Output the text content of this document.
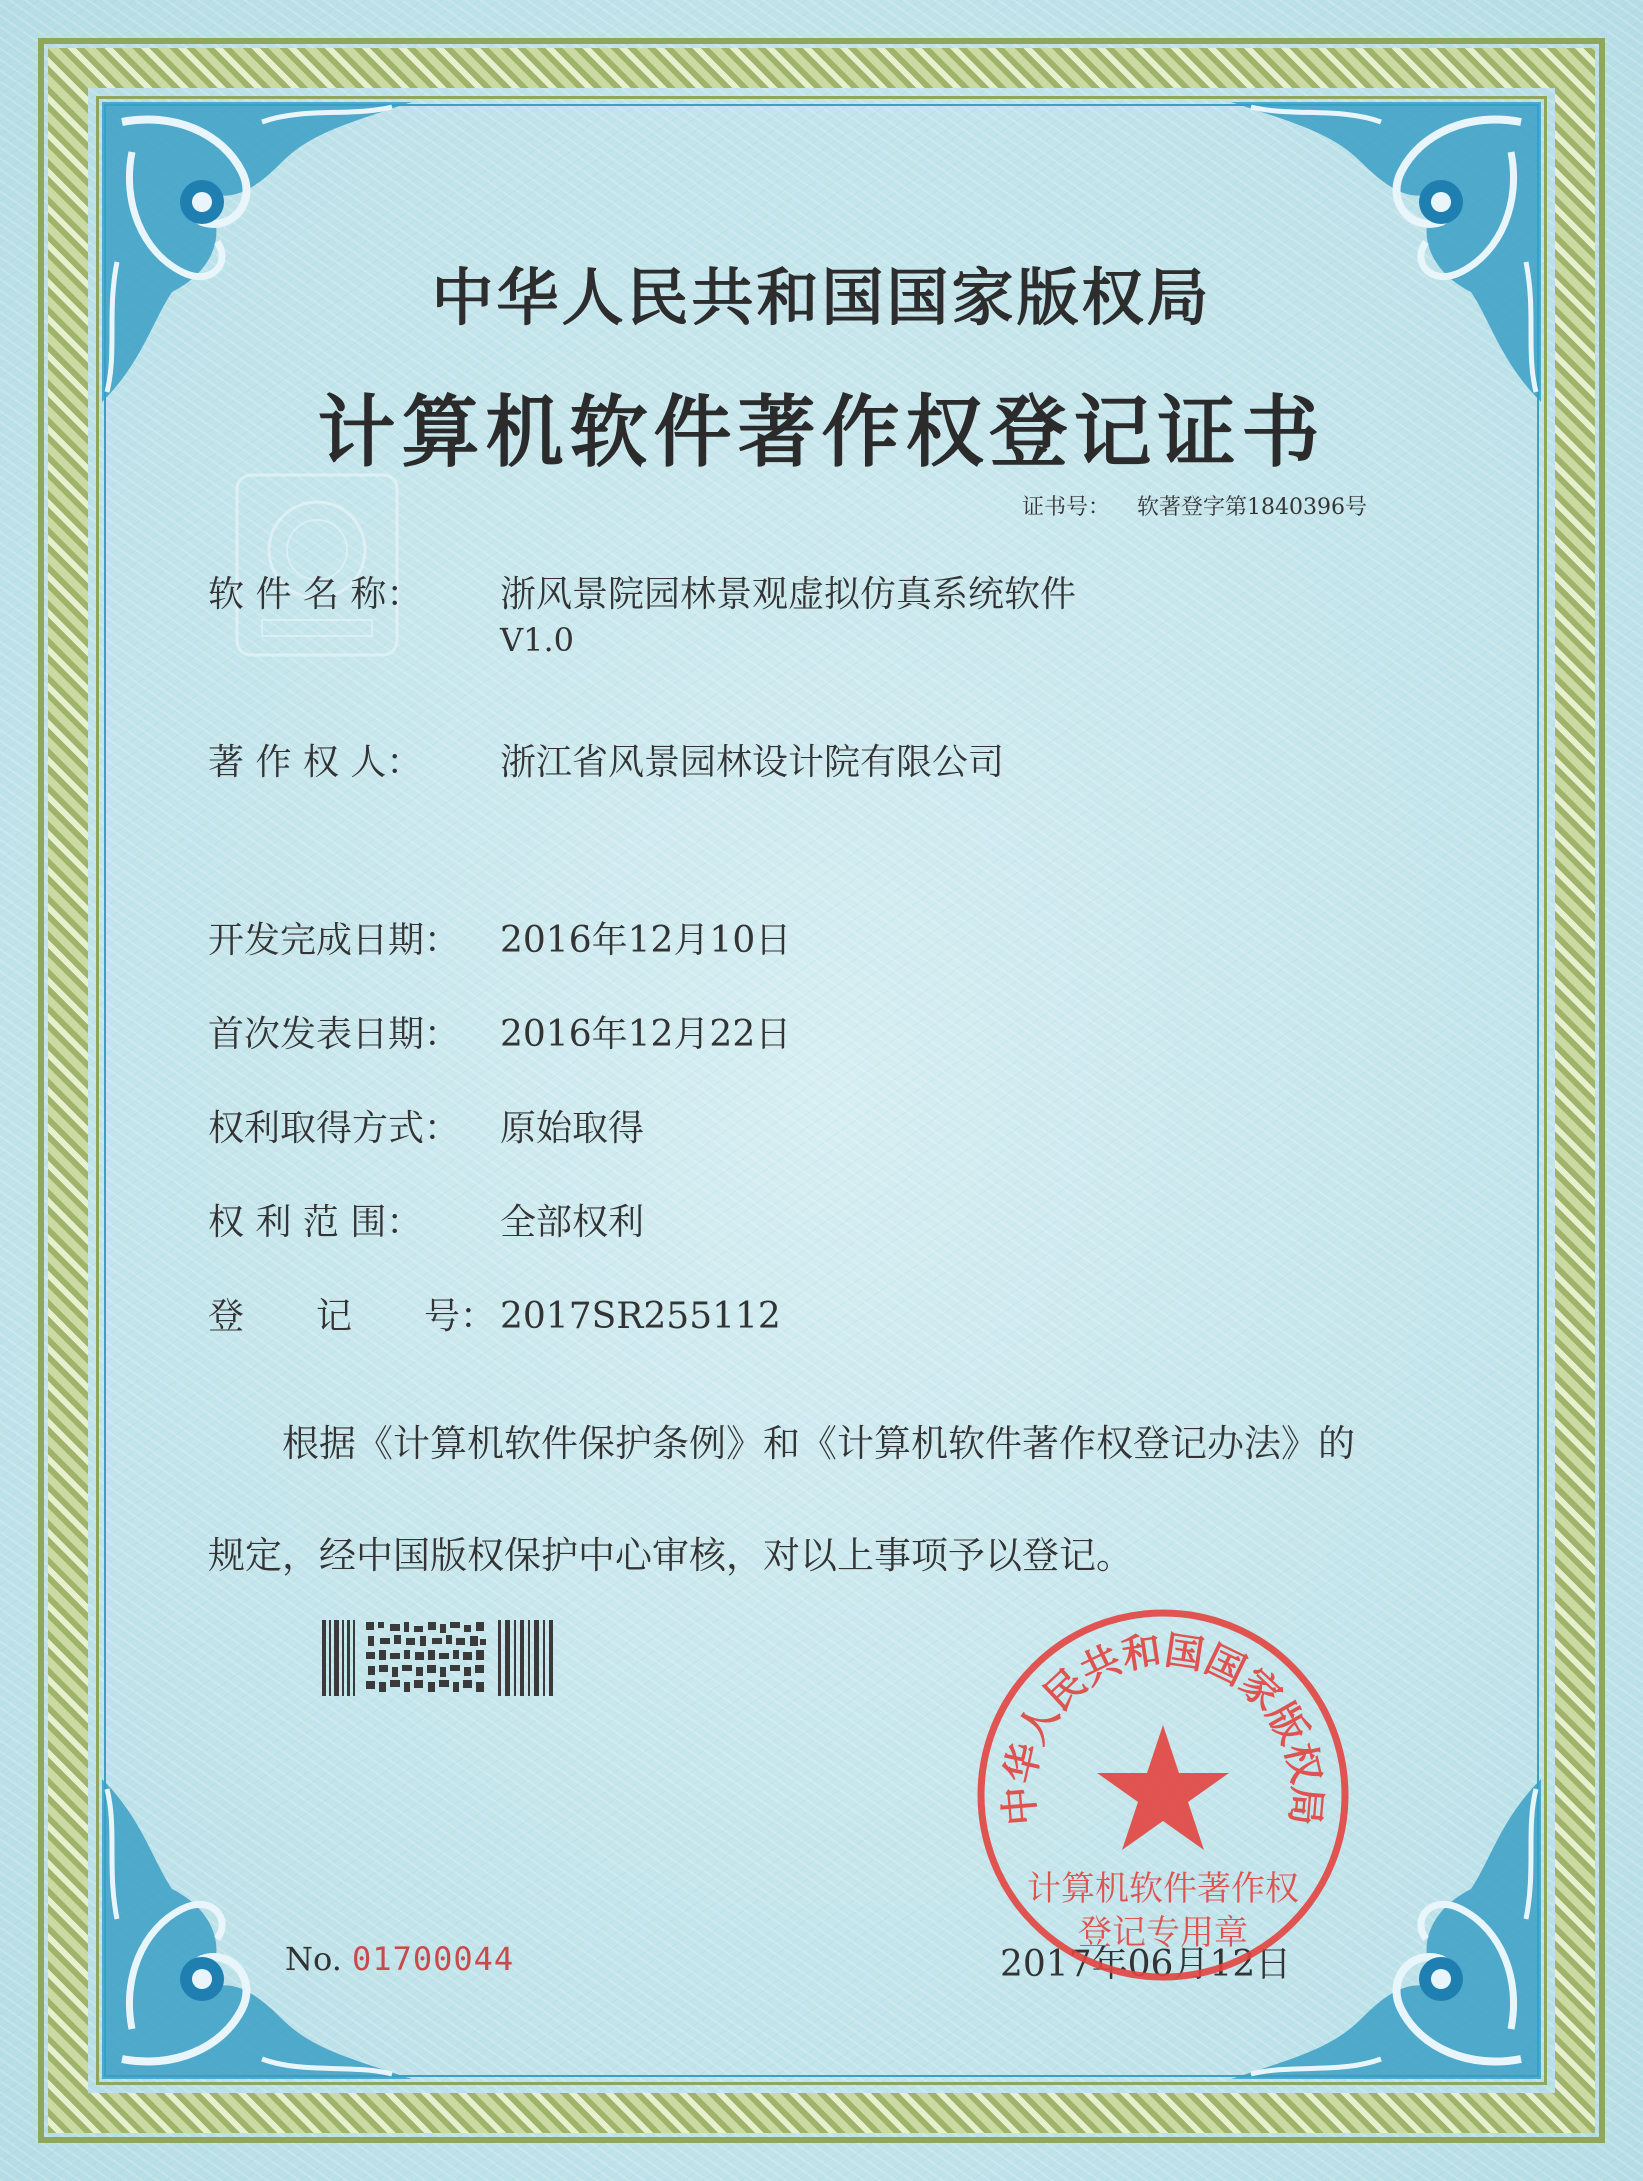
中华人民共和国国家版权局
计算机软件著作权登记证书
证书号： 软著登字第1840396号
软 件 名 称： 浙风景院园林景观虚拟仿真系统软件
V1.0
著 作 权 人： 浙江省风景园林设计院有限公司
开发完成日期： 2016年12月10日
首次发表日期： 2016年12月22日
权利取得方式： 原始取得
权 利 范 围： 全部权利
登　　记　　号： 2017SR255112
根据《计算机软件保护条例》和《计算机软件著作权登记办法》的
规定，经中国版权保护中心审核，对以上事项予以登记。
No. 01700044	2017年06月12日
中华人民共和国国家版权局
计算机软件著作权
登记专用章
